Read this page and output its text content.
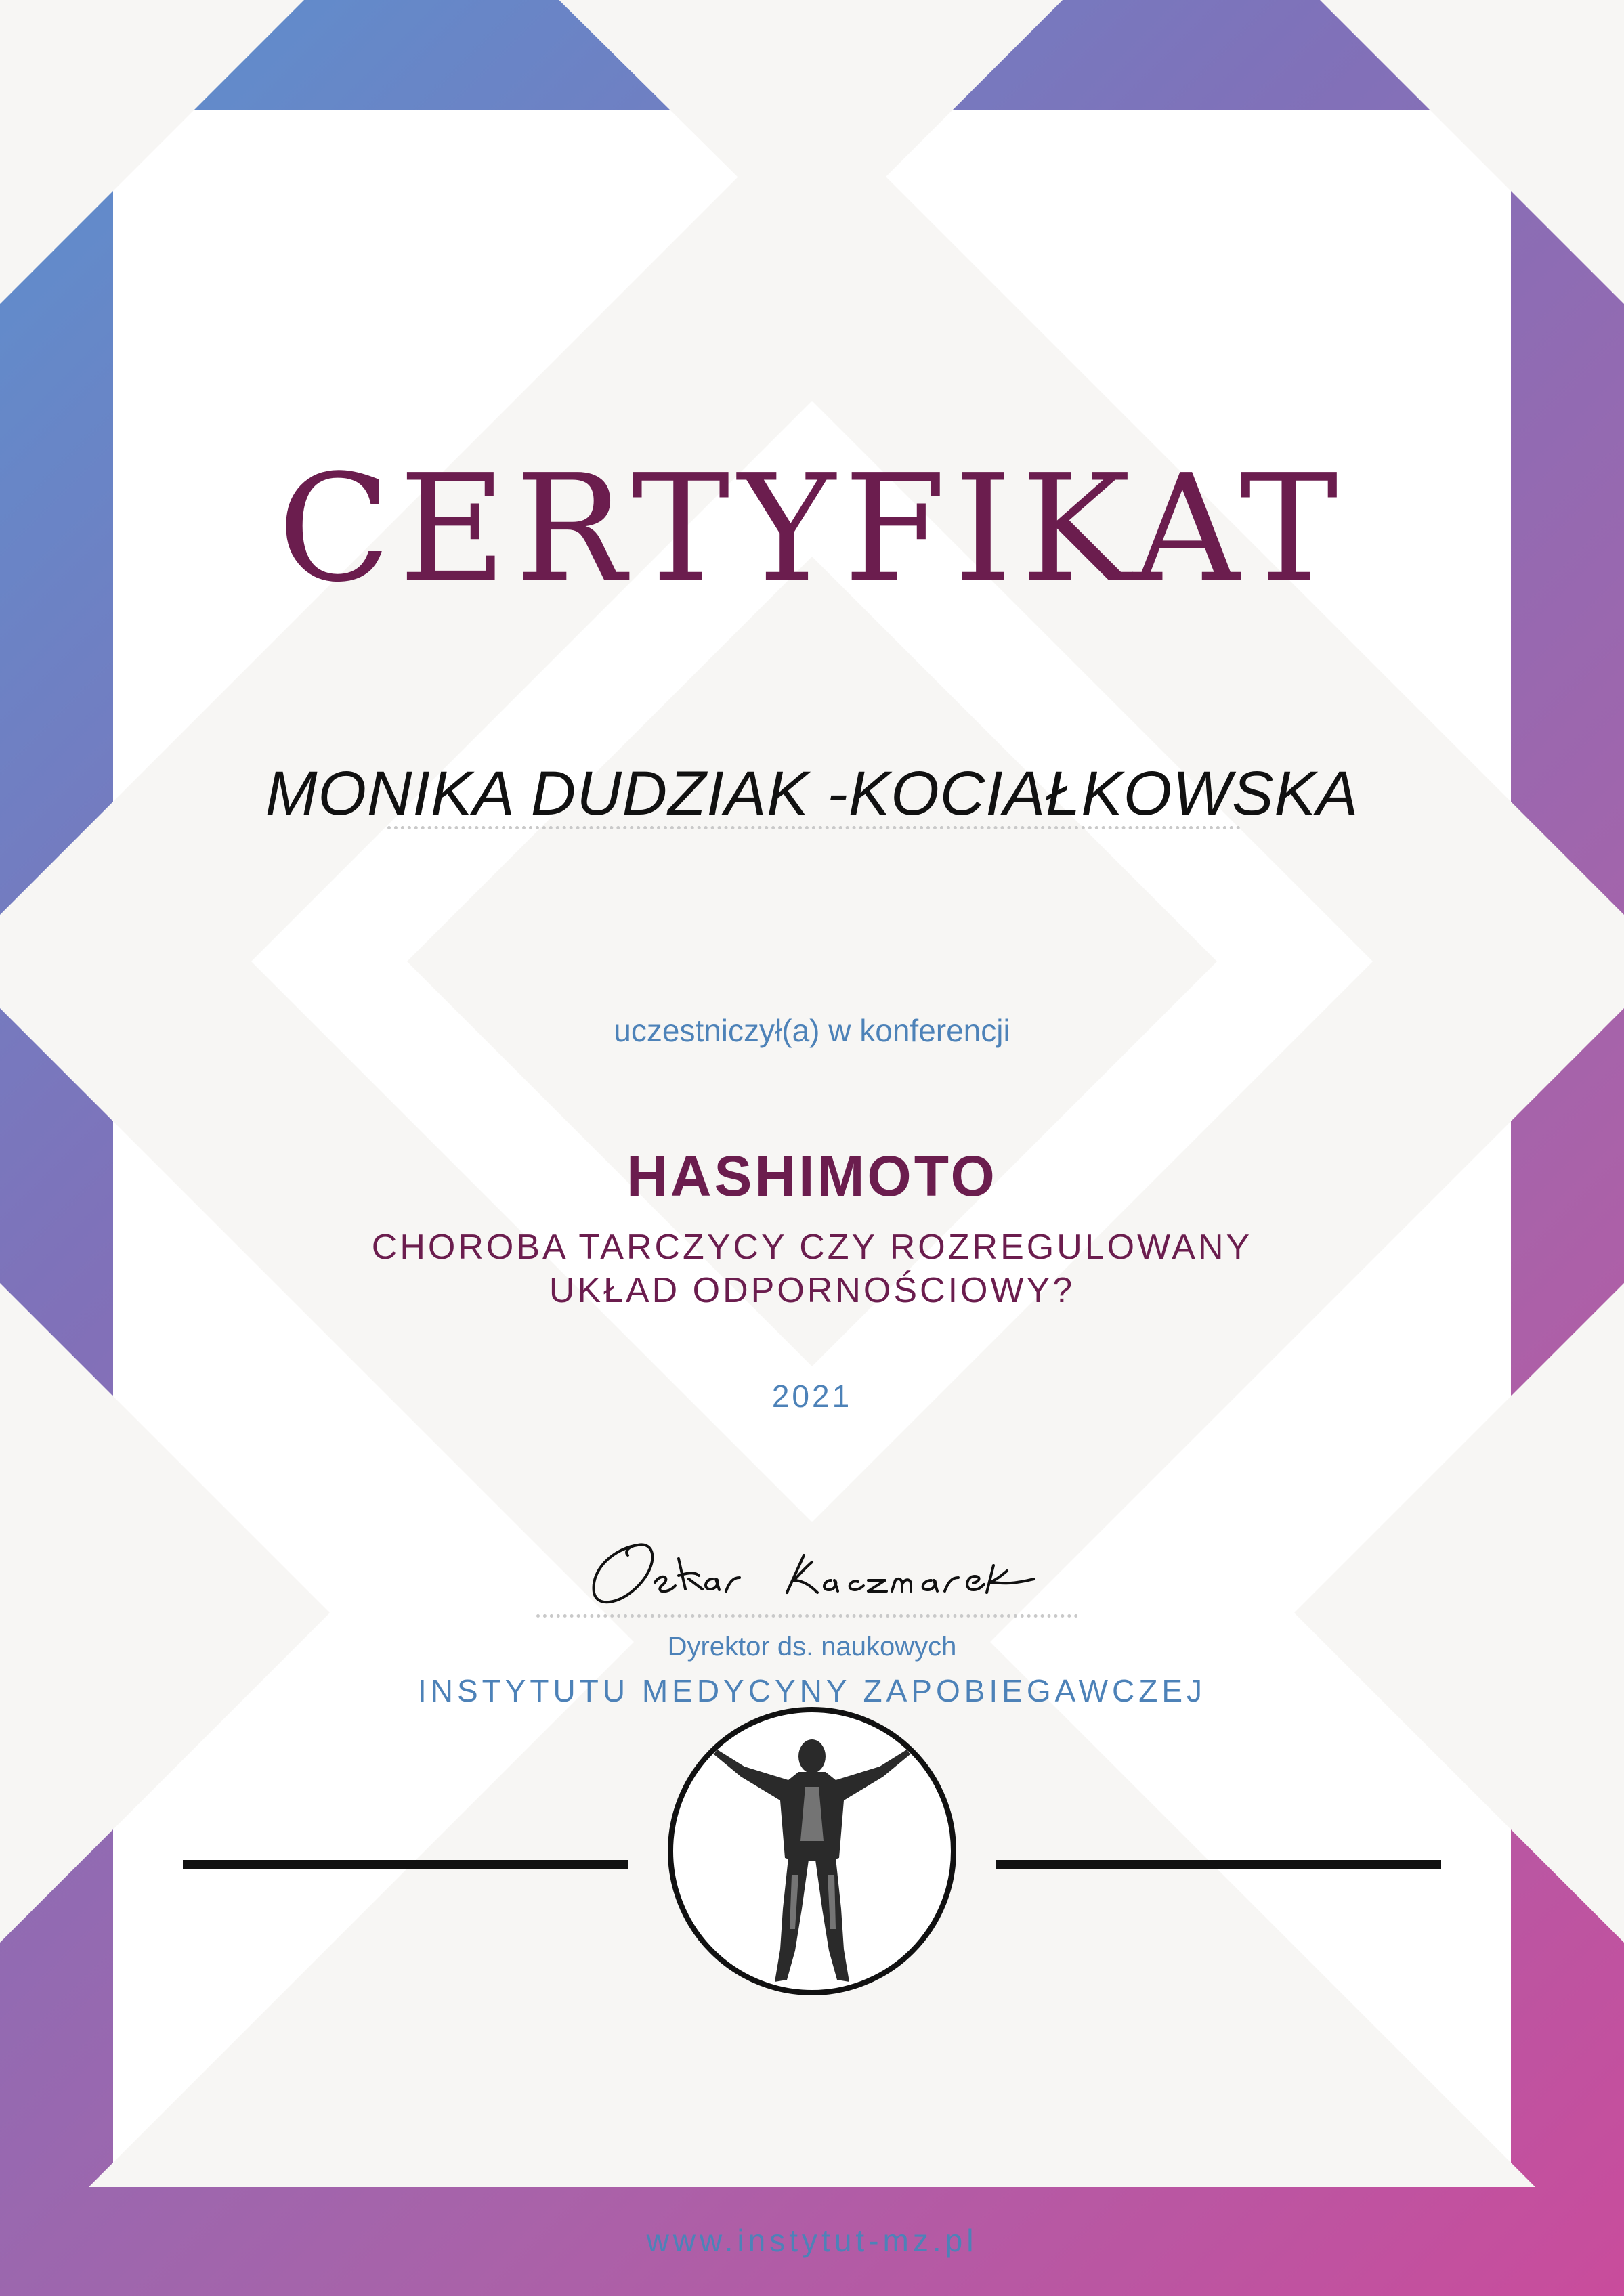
CERTYFIKAT
MONIKA DUDZIAK -KOCIAŁKOWSKA
uczestniczył(a) w konferencji
HASHIMOTO
CHOROBA TARCZYCY CZY ROZREGULOWANY
UKŁAD ODPORNOŚCIOWY?
2021
Dyrektor ds. naukowych
INSTYTUTU MEDYCYNY ZAPOBIEGAWCZEJ
www.instytut-mz.pl
